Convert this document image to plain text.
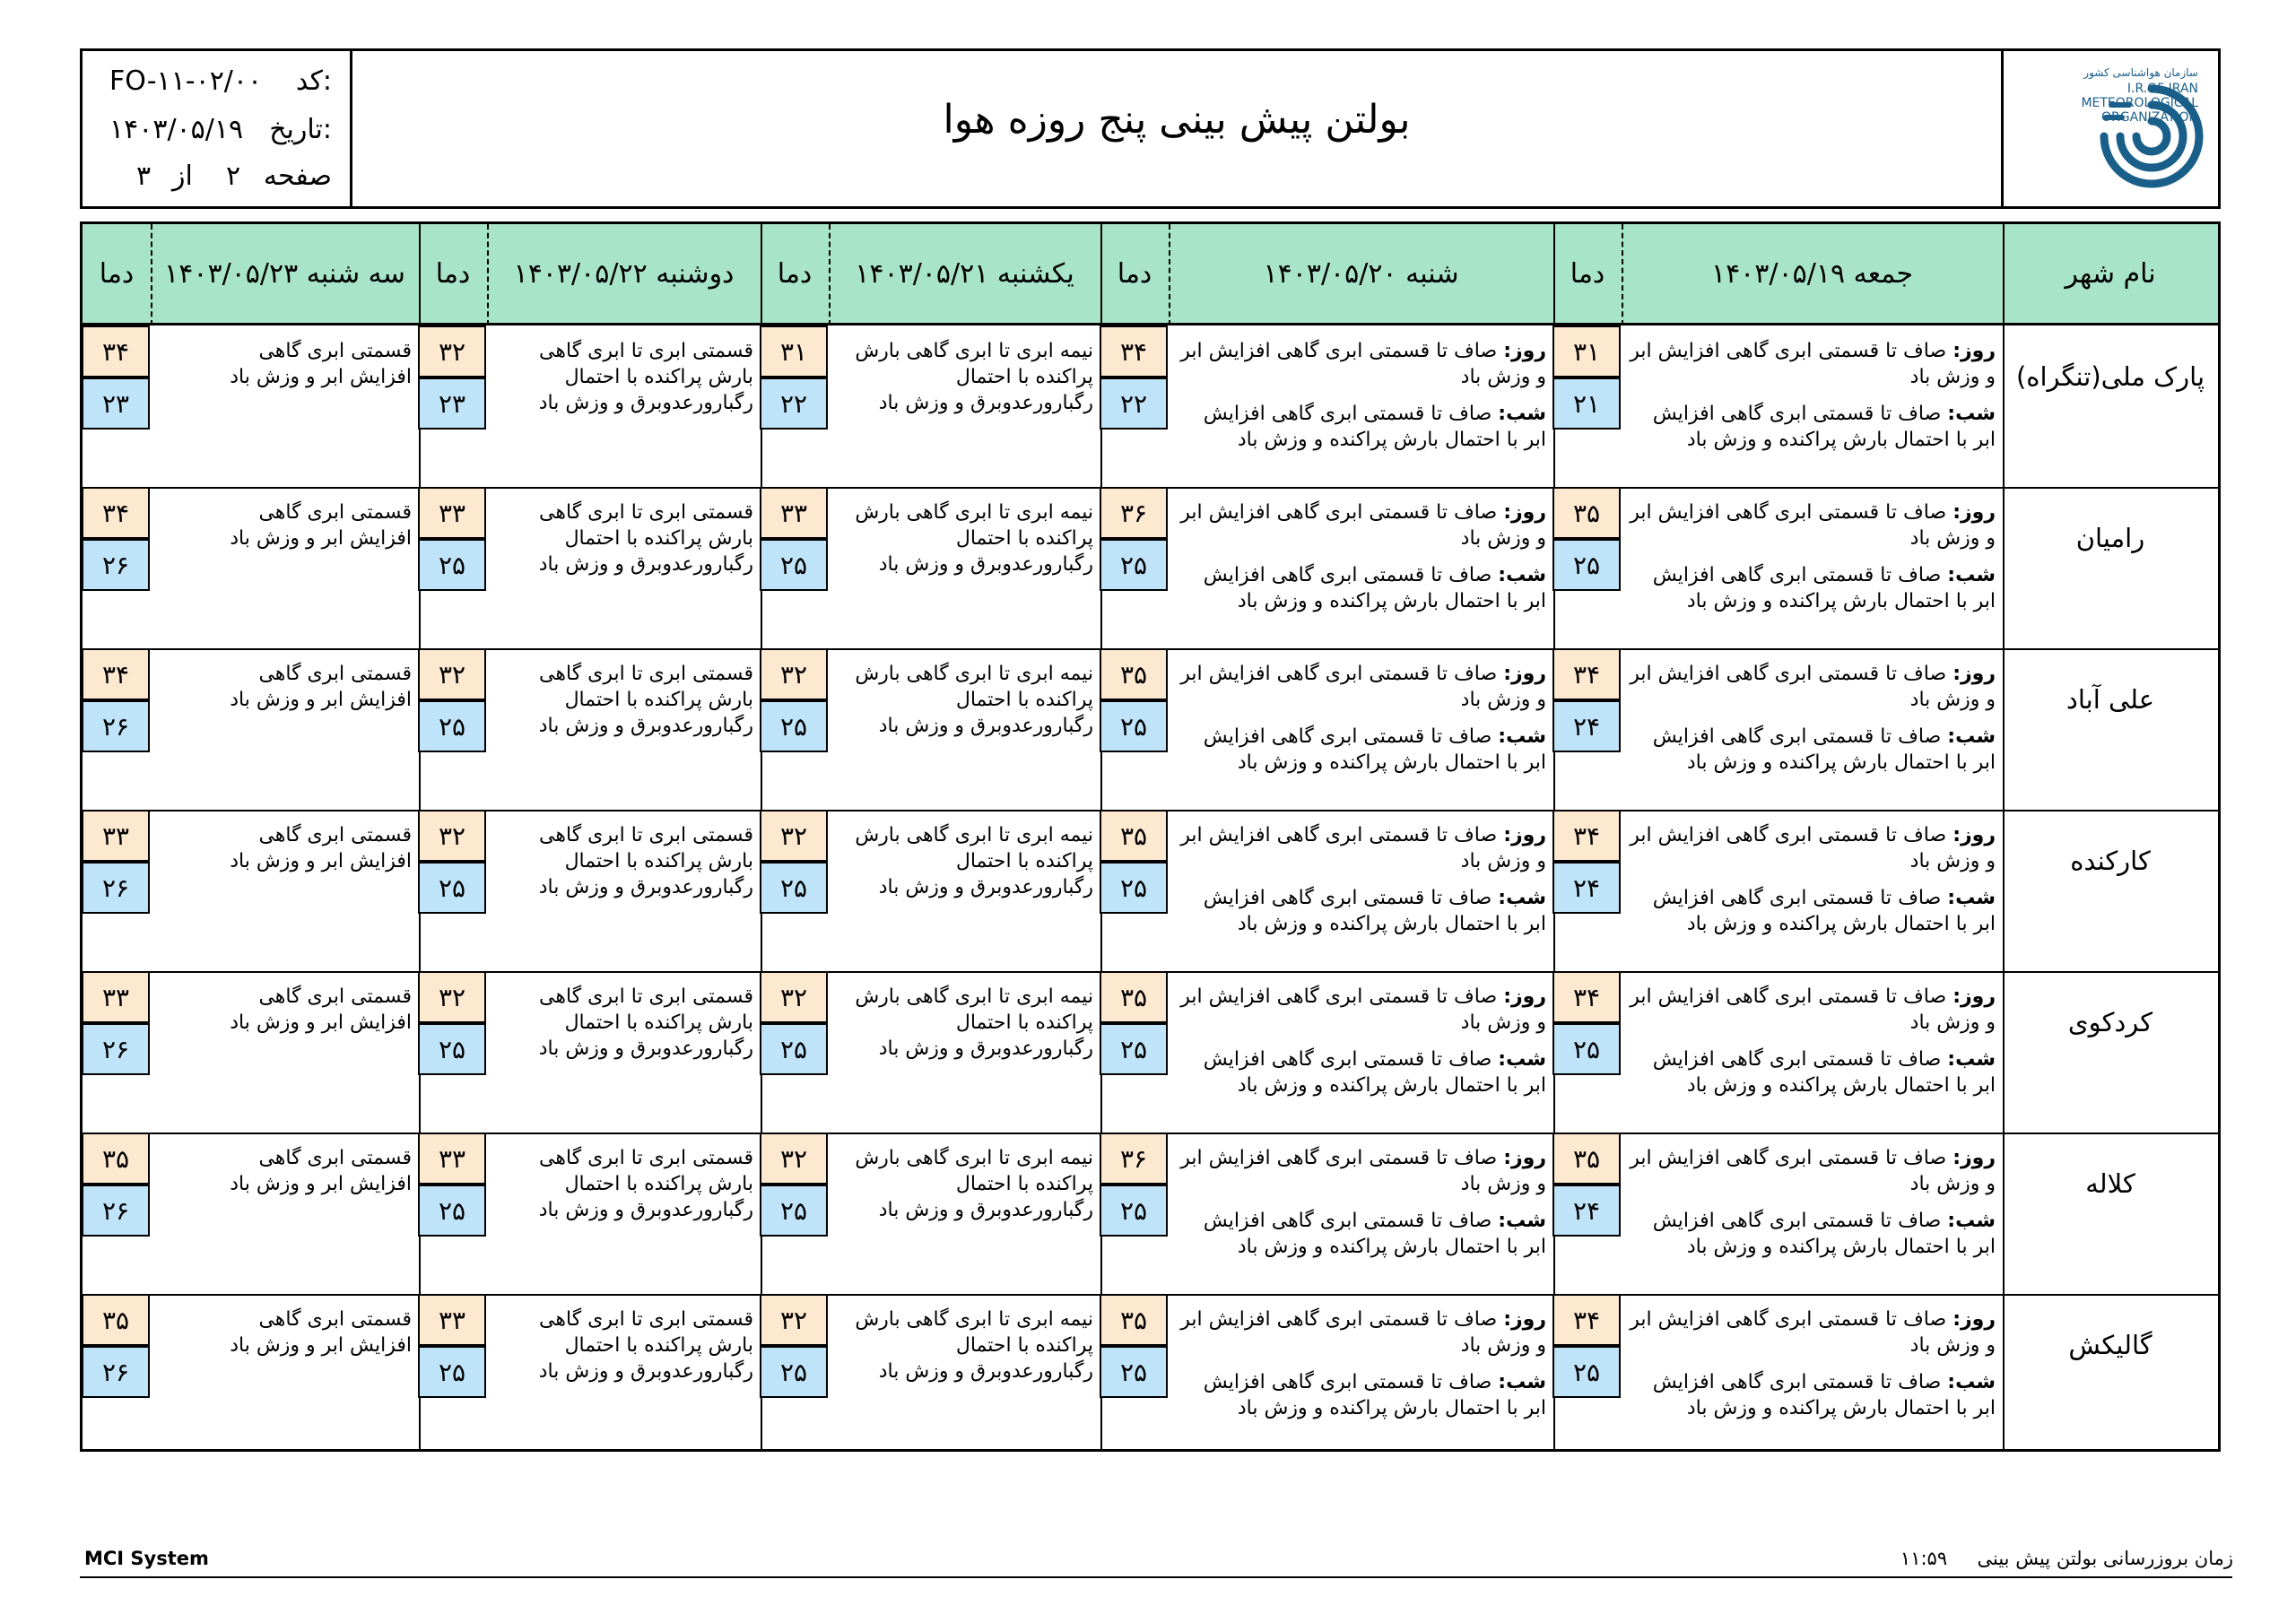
کد:
FO-۱۱-۰۲/۰۰
تاریخ:
۱۴۰۳/۰۵/۱۹
صفحه
۲
از
۳
بولتن پیش بینی پنج روزه هوا
سازمان هواشناسی کشور
I.R.OF IRAN
METEOROLOGICAL
ORGANIZATION
نام شهر
جمعه ۱۴۰۳/۰۵/۱۹
دما
شنبه ۱۴۰۳/۰۵/۲۰
دما
یکشنبه ۱۴۰۳/۰۵/۲۱
دما
دوشنبه ۱۴۰۳/۰۵/۲۲
دما
سه شنبه ۱۴۰۳/۰۵/۲۳
دما
پارک ملی(تنگراه)
۳۱
۲۱
روز: صاف تا قسمتی ابری گاهی افزایش ابر و وزش باد
شب: صاف تا قسمتی ابری گاهی افزایش ابر با احتمال بارش پراکنده و وزش باد
۳۴
۲۲
روز: صاف تا قسمتی ابری گاهی افزایش ابر و وزش باد
شب: صاف تا قسمتی ابری گاهی افزایش ابر با احتمال بارش پراکنده و وزش باد
۳۱
۲۲
نیمه ابری تا ابری گاهی بارش پراکنده با احتمال رگبارورعدوبرق و وزش باد
۳۲
۲۳
قسمتی ابری تا ابری گاهی بارش پراکنده با احتمال رگبارورعدوبرق و وزش باد
۳۴
۲۳
قسمتی ابری گاهی افزایش ابر و وزش باد
رامیان
۳۵
۲۵
روز: صاف تا قسمتی ابری گاهی افزایش ابر و وزش باد
شب: صاف تا قسمتی ابری گاهی افزایش ابر با احتمال بارش پراکنده و وزش باد
۳۶
۲۵
روز: صاف تا قسمتی ابری گاهی افزایش ابر و وزش باد
شب: صاف تا قسمتی ابری گاهی افزایش ابر با احتمال بارش پراکنده و وزش باد
۳۳
۲۵
نیمه ابری تا ابری گاهی بارش پراکنده با احتمال رگبارورعدوبرق و وزش باد
۳۳
۲۵
قسمتی ابری تا ابری گاهی بارش پراکنده با احتمال رگبارورعدوبرق و وزش باد
۳۴
۲۶
قسمتی ابری گاهی افزایش ابر و وزش باد
علی آباد
۳۴
۲۴
روز: صاف تا قسمتی ابری گاهی افزایش ابر و وزش باد
شب: صاف تا قسمتی ابری گاهی افزایش ابر با احتمال بارش پراکنده و وزش باد
۳۵
۲۵
روز: صاف تا قسمتی ابری گاهی افزایش ابر و وزش باد
شب: صاف تا قسمتی ابری گاهی افزایش ابر با احتمال بارش پراکنده و وزش باد
۳۲
۲۵
نیمه ابری تا ابری گاهی بارش پراکنده با احتمال رگبارورعدوبرق و وزش باد
۳۲
۲۵
قسمتی ابری تا ابری گاهی بارش پراکنده با احتمال رگبارورعدوبرق و وزش باد
۳۴
۲۶
قسمتی ابری گاهی افزایش ابر و وزش باد
کارکنده
۳۴
۲۴
روز: صاف تا قسمتی ابری گاهی افزایش ابر و وزش باد
شب: صاف تا قسمتی ابری گاهی افزایش ابر با احتمال بارش پراکنده و وزش باد
۳۵
۲۵
روز: صاف تا قسمتی ابری گاهی افزایش ابر و وزش باد
شب: صاف تا قسمتی ابری گاهی افزایش ابر با احتمال بارش پراکنده و وزش باد
۳۲
۲۵
نیمه ابری تا ابری گاهی بارش پراکنده با احتمال رگبارورعدوبرق و وزش باد
۳۲
۲۵
قسمتی ابری تا ابری گاهی بارش پراکنده با احتمال رگبارورعدوبرق و وزش باد
۳۳
۲۶
قسمتی ابری گاهی افزایش ابر و وزش باد
کردکوی
۳۴
۲۵
روز: صاف تا قسمتی ابری گاهی افزایش ابر و وزش باد
شب: صاف تا قسمتی ابری گاهی افزایش ابر با احتمال بارش پراکنده و وزش باد
۳۵
۲۵
روز: صاف تا قسمتی ابری گاهی افزایش ابر و وزش باد
شب: صاف تا قسمتی ابری گاهی افزایش ابر با احتمال بارش پراکنده و وزش باد
۳۲
۲۵
نیمه ابری تا ابری گاهی بارش پراکنده با احتمال رگبارورعدوبرق و وزش باد
۳۲
۲۵
قسمتی ابری تا ابری گاهی بارش پراکنده با احتمال رگبارورعدوبرق و وزش باد
۳۳
۲۶
قسمتی ابری گاهی افزایش ابر و وزش باد
کلاله
۳۵
۲۴
روز: صاف تا قسمتی ابری گاهی افزایش ابر و وزش باد
شب: صاف تا قسمتی ابری گاهی افزایش ابر با احتمال بارش پراکنده و وزش باد
۳۶
۲۵
روز: صاف تا قسمتی ابری گاهی افزایش ابر و وزش باد
شب: صاف تا قسمتی ابری گاهی افزایش ابر با احتمال بارش پراکنده و وزش باد
۳۲
۲۵
نیمه ابری تا ابری گاهی بارش پراکنده با احتمال رگبارورعدوبرق و وزش باد
۳۳
۲۵
قسمتی ابری تا ابری گاهی بارش پراکنده با احتمال رگبارورعدوبرق و وزش باد
۳۵
۲۶
قسمتی ابری گاهی افزایش ابر و وزش باد
گالیکش
۳۴
۲۵
روز: صاف تا قسمتی ابری گاهی افزایش ابر و وزش باد
شب: صاف تا قسمتی ابری گاهی افزایش ابر با احتمال بارش پراکنده و وزش باد
۳۵
۲۵
روز: صاف تا قسمتی ابری گاهی افزایش ابر و وزش باد
شب: صاف تا قسمتی ابری گاهی افزایش ابر با احتمال بارش پراکنده و وزش باد
۳۲
۲۵
نیمه ابری تا ابری گاهی بارش پراکنده با احتمال رگبارورعدوبرق و وزش باد
۳۳
۲۵
قسمتی ابری تا ابری گاهی بارش پراکنده با احتمال رگبارورعدوبرق و وزش باد
۳۵
۲۶
قسمتی ابری گاهی افزایش ابر و وزش باد
MCI System	زمان بروزرسانی بولتن پیش بینی  ۱۱:۵۹
